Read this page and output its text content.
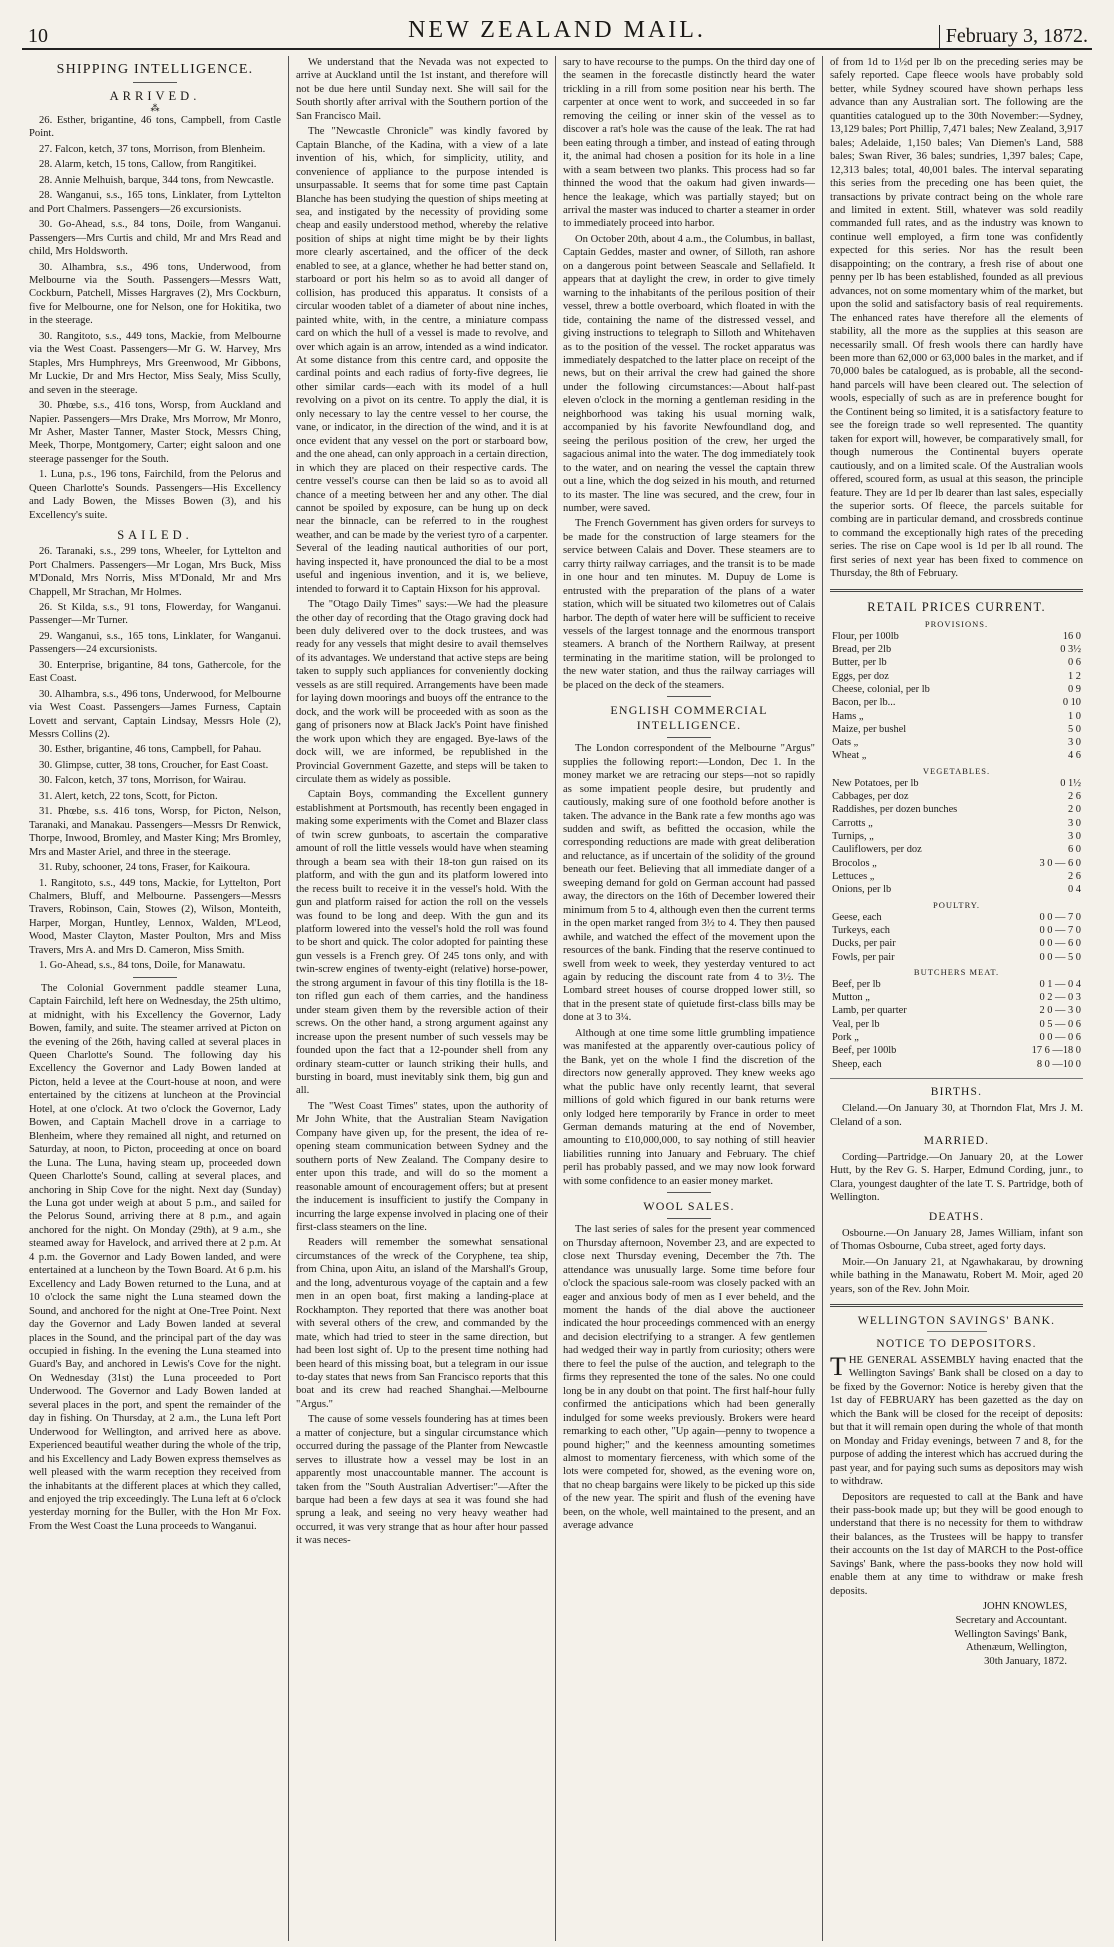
10	NEW ZEALAND MAIL.	February 3, 1872.
SHIPPING INTELLIGENCE.
ARRIVED.
⁂

26. Esther, brigantine, 46 tons, Campbell, from Castle Point.

27. Falcon, ketch, 37 tons, Morrison, from Blenheim.

28. Alarm, ketch, 15 tons, Callow, from Rangitikei.

28. Annie Melhuish, barque, 344 tons, from Newcastle.

28. Wanganui, s.s., 165 tons, Linklater, from Lyttelton and Port Chalmers. Passengers—26 excursionists.

30. Go-Ahead, s.s., 84 tons, Doile, from Wanganui. Passengers—Mrs Curtis and child, Mr and Mrs Read and child, Mrs Holdsworth.

30. Alhambra, s.s., 496 tons, Underwood, from Melbourne via the South. Passengers—Messrs Watt, Cockburn, Patchell, Misses Hargraves (2), Mrs Cockburn, five for Melbourne, one for Nelson, one for Hokitika, two in the steerage.

30. Rangitoto, s.s., 449 tons, Mackie, from Melbourne via the West Coast. Passengers—Mr G. W. Harvey, Mrs Staples, Mrs Humphreys, Mrs Greenwood, Mr Gibbons, Mr Luckie, Dr and Mrs Hector, Miss Sealy, Miss Scully, and seven in the steerage.

30. Phœbe, s.s., 416 tons, Worsp, from Auckland and Napier. Passengers—Mrs Drake, Mrs Morrow, Mr Monro, Mr Asher, Master Tanner, Master Stock, Messrs Ching, Meek, Thorpe, Montgomery, Carter; eight saloon and one steerage passenger for the South.

1. Luna, p.s., 196 tons, Fairchild, from the Pelorus and Queen Charlotte's Sounds. Passengers—His Excellency and Lady Bowen, the Misses Bowen (3), and his Excellency's suite.

SAILED.

26. Taranaki, s.s., 299 tons, Wheeler, for Lyttelton and Port Chalmers. Passengers—Mr Logan, Mrs Buck, Miss M'Donald, Mrs Norris, Miss M'Donald, Mr and Mrs Chappell, Mr Strachan, Mr Holmes.

26. St Kilda, s.s., 91 tons, Flowerday, for Wanganui. Passenger—Mr Turner.

29. Wanganui, s.s., 165 tons, Linklater, for Wanganui. Passengers—24 excursionists.

30. Enterprise, brigantine, 84 tons, Gathercole, for the East Coast.

30. Alhambra, s.s., 496 tons, Underwood, for Melbourne via West Coast. Passengers—James Furness, Captain Lovett and servant, Captain Lindsay, Messrs Hole (2), Messrs Collins (2).

30. Esther, brigantine, 46 tons, Campbell, for Pahau.

30. Glimpse, cutter, 38 tons, Croucher, for East Coast.

30. Falcon, ketch, 37 tons, Morrison, for Wairau.

31. Alert, ketch, 22 tons, Scott, for Picton.

31. Phœbe, s.s. 416 tons, Worsp, for Picton, Nelson, Taranaki, and Manakau. Passengers—Messrs Dr Renwick, Thorpe, Inwood, Bromley, and Master King; Mrs Bromley, Mrs and Master Ariel, and three in the steerage.

31. Ruby, schooner, 24 tons, Fraser, for Kaikoura.

1. Rangitoto, s.s., 449 tons, Mackie, for Lyttelton, Port Chalmers, Bluff, and Melbourne. Passengers—Messrs Travers, Robinson, Cain, Stowes (2), Wilson, Monteith, Harper, Morgan, Huntley, Lennox, Walden, M'Leod, Wood, Master Clayton, Master Poulton, Mrs and Miss Travers, Mrs A. and Mrs D. Cameron, Miss Smith.

1. Go-Ahead, s.s., 84 tons, Doile, for Manawatu.

The Colonial Government paddle steamer Luna, Captain Fairchild, left here on Wednesday, the 25th ultimo, at midnight, with his Excellency the Governor, Lady Bowen, family, and suite. The steamer arrived at Picton on the evening of the 26th, having called at several places in Queen Charlotte's Sound. The following day his Excellency the Governor and Lady Bowen landed at Picton, held a levee at the Court-house at noon, and were entertained by the citizens at luncheon at the Provincial Hotel, at one o'clock. At two o'clock the Governor, Lady Bowen, and Captain Machell drove in a carriage to Blenheim, where they remained all night, and returned on Saturday, at noon, to Picton, proceeding at once on board the Luna. The Luna, having steam up, proceeded down Queen Charlotte's Sound, calling at several places, and anchoring in Ship Cove for the night. Next day (Sunday) the Luna got under weigh at about 5 p.m., and sailed for the Pelorus Sound, arriving there at 8 p.m., and again anchored for the night. On Monday (29th), at 9 a.m., she steamed away for Havelock, and arrived there at 2 p.m. At 4 p.m. the Governor and Lady Bowen landed, and were entertained at a luncheon by the Town Board. At 6 p.m. his Excellency and Lady Bowen returned to the Luna, and at 10 o'clock the same night the Luna steamed down the Sound, and anchored for the night at One-Tree Point. Next day the Governor and Lady Bowen landed at several places in the Sound, and the principal part of the day was occupied in fishing. In the evening the Luna steamed into Guard's Bay, and anchored in Lewis's Cove for the night. On Wednesday (31st) the Luna proceeded to Port Underwood. The Governor and Lady Bowen landed at several places in the port, and spent the remainder of the day in fishing. On Thursday, at 2 a.m., the Luna left Port Underwood for Wellington, and arrived here as above. Experienced beautiful weather during the whole of the trip, and his Excellency and Lady Bowen express themselves as well pleased with the warm reception they received from the inhabitants at the different places at which they called, and enjoyed the trip exceedingly. The Luna left at 6 o'clock yesterday morning for the Buller, with the Hon Mr Fox. From the West Coast the Luna proceeds to Wanganui.

We understand that the Nevada was not expected to arrive at Auckland until the 1st instant, and therefore will not be due here until Sunday next. She will sail for the South shortly after arrival with the Southern portion of the San Francisco Mail.

The "Newcastle Chronicle" was kindly favored by Captain Blanche, of the Kadina, with a view of a late invention of his, which, for simplicity, utility, and convenience of appliance to the purpose intended is unsurpassable. It seems that for some time past Captain Blanche has been studying the question of ships meeting at sea, and instigated by the necessity of providing some cheap and easily understood method, whereby the relative position of ships at night time might be by their lights more clearly ascertained, and the officer of the deck enabled to see, at a glance, whether he had better stand on, starboard or port his helm so as to avoid all danger of collision, has produced this apparatus. It consists of a circular wooden tablet of a diameter of about nine inches, painted white, with, in the centre, a miniature compass card on which the hull of a vessel is made to revolve, and over which again is an arrow, intended as a wind indicator. At some distance from this centre card, and opposite the cardinal points and each radius of forty-five degrees, lie other similar cards—each with its model of a hull revolving on a pivot on its centre. To apply the dial, it is only necessary to lay the centre vessel to her course, the vane, or indicator, in the direction of the wind, and it is at once evident that any vessel on the port or starboard bow, and the one ahead, can only approach in a certain direction, in which they are placed on their respective cards. The centre vessel's course can then be laid so as to avoid all chance of a meeting between her and any other. The dial cannot be spoiled by exposure, can be hung up on deck near the binnacle, can be referred to in the roughest weather, and can be made by the veriest tyro of a carpenter. Several of the leading nautical authorities of our port, having inspected it, have pronounced the dial to be a most useful and ingenious invention, and it is, we believe, intended to forward it to Captain Hixson for his approval.

The "Otago Daily Times" says:—We had the pleasure the other day of recording that the Otago graving dock had been duly delivered over to the dock trustees, and was ready for any vessels that might desire to avail themselves of its advantages. We understand that active steps are being taken to supply such appliances for conveniently docking vessels as are still required. Arrangements have been made for laying down moorings and buoys off the entrance to the dock, and the work will be proceeded with as soon as the gang of prisoners now at Black Jack's Point have finished the work upon which they are engaged. Bye-laws of the dock will, we are informed, be republished in the Provincial Government Gazette, and steps will be taken to circulate them as widely as possible.

Captain Boys, commanding the Excellent gunnery establishment at Portsmouth, has recently been engaged in making some experiments with the Comet and Blazer class of twin screw gunboats, to ascertain the comparative amount of roll the little vessels would have when steaming through a beam sea with their 18-ton gun raised on its platform, and with the gun and its platform lowered into the recess built to receive it in the vessel's hold. With the gun and platform raised for action the roll on the vessels was found to be long and deep. With the gun and its platform lowered into the vessel's hold the roll was found to be short and quick. The color adopted for painting these gun vessels is a French grey. Of 245 tons only, and with twin-screw engines of twenty-eight (relative) horse-power, the strong argument in favour of this tiny flotilla is the 18-ton rifled gun each of them carries, and the handiness under steam given them by the reversible action of their screws. On the other hand, a strong argument against any increase upon the present number of such vessels may be founded upon the fact that a 12-pounder shell from any ordinary steam-cutter or launch striking their hulls, and bursting in board, must inevitably sink them, big gun and all.

The "West Coast Times" states, upon the authority of Mr John White, that the Australian Steam Navigation Company have given up, for the present, the idea of re-opening steam communication between Sydney and the southern ports of New Zealand. The Company desire to enter upon this trade, and will do so the moment a reasonable amount of encouragement offers; but at present the inducement is insufficient to justify the Company in incurring the large expense involved in placing one of their first-class steamers on the line.

Readers will remember the somewhat sensational circumstances of the wreck of the Coryphene, tea ship, from China, upon Aitu, an island of the Marshall's Group, and the long, adventurous voyage of the captain and a few men in an open boat, first making a landing-place at Rockhampton. They reported that there was another boat with several others of the crew, and commanded by the mate, which had tried to steer in the same direction, but had been lost sight of. Up to the present time nothing had been heard of this missing boat, but a telegram in our issue to-day states that news from San Francisco reports that this boat and its crew had reached Shanghai.—Melbourne "Argus."

The cause of some vessels foundering has at times been a matter of conjecture, but a singular circumstance which occurred during the passage of the Planter from Newcastle serves to illustrate how a vessel may be lost in an apparently most unaccountable manner. The account is taken from the "South Australian Advertiser:"—After the barque had been a few days at sea it was found she had sprung a leak, and seeing no very heavy weather had occurred, it was very strange that as hour after hour passed it was neces-

sary to have recourse to the pumps. On the third day one of the seamen in the forecastle distinctly heard the water trickling in a rill from some position near his berth. The carpenter at once went to work, and succeeded in so far removing the ceiling or inner skin of the vessel as to discover a rat's hole was the cause of the leak. The rat had been eating through a timber, and instead of eating through it, the animal had chosen a position for its hole in a line with a seam between two planks. This process had so far thinned the wood that the oakum had given inwards—hence the leakage, which was partially stayed; but on arrival the master was induced to charter a steamer in order to immediately proceed into harbor.

On October 20th, about 4 a.m., the Columbus, in ballast, Captain Geddes, master and owner, of Silloth, ran ashore on a dangerous point between Seascale and Sellafield. It appears that at daylight the crew, in order to give timely warning to the inhabitants of the perilous position of their vessel, threw a bottle overboard, which floated in with the tide, containing the name of the distressed vessel, and giving instructions to telegraph to Silloth and Whitehaven as to the position of the vessel. The rocket apparatus was immediately despatched to the latter place on receipt of the news, but on their arrival the crew had gained the shore under the following circumstances:—About half-past eleven o'clock in the morning a gentleman residing in the neighborhood was taking his usual morning walk, accompanied by his favorite Newfoundland dog, and seeing the perilous position of the crew, her urged the sagacious animal into the water. The dog immediately took to the water, and on nearing the vessel the captain threw out a line, which the dog seized in his mouth, and returned to its master. The line was secured, and the crew, four in number, were saved.

The French Government has given orders for surveys to be made for the construction of large steamers for the service between Calais and Dover. These steamers are to carry thirty railway carriages, and the transit is to be made in one hour and ten minutes. M. Dupuy de Lome is entrusted with the preparation of the plans of a water station, which will be situated two kilometres out of Calais harbor. The depth of water here will be sufficient to receive vessels of the largest tonnage and the enormous transport steamers. A branch of the Northern Railway, at present terminating in the maritime station, will be prolonged to the new water station, and thus the railway carriages will be placed on the deck of the steamers.

ENGLISH COMMERCIAL INTELLIGENCE.

The London correspondent of the Melbourne "Argus" supplies the following report:—London, Dec 1. In the money market we are retracing our steps—not so rapidly as some impatient people desire, but prudently and cautiously, making sure of one foothold before another is taken. The advance in the Bank rate a few months ago was sudden and swift, as befitted the occasion, while the corresponding reductions are made with great deliberation and reluctance, as if uncertain of the solidity of the ground beneath our feet. Believing that all immediate danger of a sweeping demand for gold on German account had passed away, the directors on the 16th of December lowered their minimum from 5 to 4, although even then the current terms in the open market ranged from 3½ to 4. They then paused awhile, and watched the effect of the movement upon the resources of the bank. Finding that the reserve continued to swell from week to week, they yesterday ventured to act again by reducing the discount rate from 4 to 3½. The Lombard street houses of course dropped lower still, so that in the present state of quietude first-class bills may be done at 3 to 3¼.

Although at one time some little grumbling impatience was manifested at the apparently over-cautious policy of the Bank, yet on the whole I find the discretion of the directors now generally approved. They knew weeks ago what the public have only recently learnt, that several millions of gold which figured in our bank returns were only lodged here temporarily by France in order to meet German demands maturing at the end of November, amounting to £10,000,000, to say nothing of still heavier liabilities running into January and February. The chief peril has probably passed, and we may now look forward with some confidence to an easier money market.

WOOL SALES.

The last series of sales for the present year commenced on Thursday afternoon, November 23, and are expected to close next Thursday evening, December the 7th. The attendance was unusually large. Some time before four o'clock the spacious sale-room was closely packed with an eager and anxious body of men as I ever beheld, and the moment the hands of the dial above the auctioneer indicated the hour proceedings commenced with an energy and decision electrifying to a stranger. A few gentlemen had wedged their way in partly from curiosity; others were there to feel the pulse of the auction, and telegraph to the firms they represented the tone of the sales. No one could long be in any doubt on that point. The first half-hour fully confirmed the anticipations which had been generally indulged for some weeks previously. Brokers were heard remarking to each other, "Up again—penny to twopence a pound higher;" and the keenness amounting sometimes almost to momentary fierceness, with which some of the lots were competed for, showed, as the evening wore on, that no cheap bargains were likely to be picked up this side of the new year. The spirit and flush of the evening have been, on the whole, well maintained to the present, and an average advance

of from 1d to 1½d per lb on the preceding series may be safely reported. Cape fleece wools have probably sold better, while Sydney scoured have shown perhaps less advance than any Australian sort. The following are the quantities catalogued up to the 30th November:—Sydney, 13,129 bales; Port Phillip, 7,471 bales; New Zealand, 3,917 bales; Adelaide, 1,150 bales; Van Diemen's Land, 588 bales; Swan River, 36 bales; sundries, 1,397 bales; Cape, 12,313 bales; total, 40,001 bales. The interval separating this series from the preceding one has been quiet, the transactions by private contract being on the whole rare and limited in extent. Still, whatever was sold readily commanded full rates, and as the industry was known to continue well employed, a firm tone was confidently expected for this series. Nor has the result been disappointing; on the contrary, a fresh rise of about one penny per lb has been established, founded as all previous advances, not on some momentary whim of the market, but upon the solid and satisfactory basis of real requirements. The enhanced rates have therefore all the elements of stability, all the more as the supplies at this season are necessarily small. Of fresh wools there can hardly have been more than 62,000 or 63,000 bales in the market, and if 70,000 bales be catalogued, as is probable, all the second-hand parcels will have been cleared out. The selection of wools, especially of such as are in preference bought for the Continent being so limited, it is a satisfactory feature to see the foreign trade so well represented. The quantity taken for export will, however, be comparatively small, for though numerous the Continental buyers operate cautiously, and on a limited scale. Of the Australian wools offered, scoured form, as usual at this season, the principle feature. They are 1d per lb dearer than last sales, especially the superior sorts. Of fleece, the parcels suitable for combing are in particular demand, and crossbreds continue to command the exceptionally high rates of the preceding series. The rise on Cape wool is 1d per lb all round. The first series of next year has been fixed to commence on Thursday, the 8th of February.

RETAIL PRICES CURRENT.
PROVISIONS.
Flour, per 100lb	16 0
Bread, per 2lb	0 3½
Butter, per lb	0 6
Eggs, per doz	1 2
Cheese, colonial, per lb	0 9
Bacon, per lb...	0 10
Hams „	1 0
Maize, per bushel	5 0
Oats „	3 0
Wheat „	4 6
VEGETABLES.
New Potatoes, per lb	0 1½
Cabbages, per doz	2 6
Raddishes, per dozen bunches	2 0
Carrotts „	3 0
Turnips, „	3 0
Cauliflowers, per doz	6 0
Brocolos „	3 0 — 6 0
Lettuces „	2 6
Onions, per lb	0 4
POULTRY.
Geese, each	0 0 — 7 0
Turkeys, each	0 0 — 7 0
Ducks, per pair	0 0 — 6 0
Fowls, per pair	0 0 — 5 0
BUTCHERS MEAT.
Beef, per lb	0 1 — 0 4
Mutton „	0 2 — 0 3
Lamb, per quarter	2 0 — 3 0
Veal, per lb	0 5 — 0 6
Pork „	0 0 — 0 6
Beef, per 100lb	17 6 —18 0
Sheep, each	8 0 —10 0
BIRTHS.

Cleland.—On January 30, at Thorndon Flat, Mrs J. M. Cleland of a son.

MARRIED.

Cording—Partridge.—On January 20, at the Lower Hutt, by the Rev G. S. Harper, Edmund Cording, junr., to Clara, youngest daughter of the late T. S. Partridge, both of Wellington.

DEATHS.

Osbourne.—On January 28, James William, infant son of Thomas Osbourne, Cuba street, aged forty days.

Moir.—On January 21, at Ngawhakarau, by drowning while bathing in the Manawatu, Robert M. Moir, aged 20 years, son of the Rev. John Moir.

WELLINGTON SAVINGS' BANK.
NOTICE TO DEPOSITORS.

THE GENERAL ASSEMBLY having enacted that the Wellington Savings' Bank shall be closed on a day to be fixed by the Governor: Notice is hereby given that the 1st day of FEBRUARY has been gazetted as the day on which the Bank will be closed for the receipt of deposits: but that it will remain open during the whole of that month on Monday and Friday evenings, between 7 and 8, for the purpose of adding the interest which has accrued during the past year, and for paying such sums as depositors may wish to withdraw.

Depositors are requested to call at the Bank and have their pass-book made up; but they will be good enough to understand that there is no necessity for them to withdraw their balances, as the Trustees will be happy to transfer their accounts on the 1st day of MARCH to the Post-office Savings' Bank, where the pass-books they now hold will enable them at any time to withdraw or make fresh deposits.

JOHN KNOWLES,
Secretary and Accountant.
Wellington Savings' Bank,
Athenæum, Wellington,
30th January, 1872.
